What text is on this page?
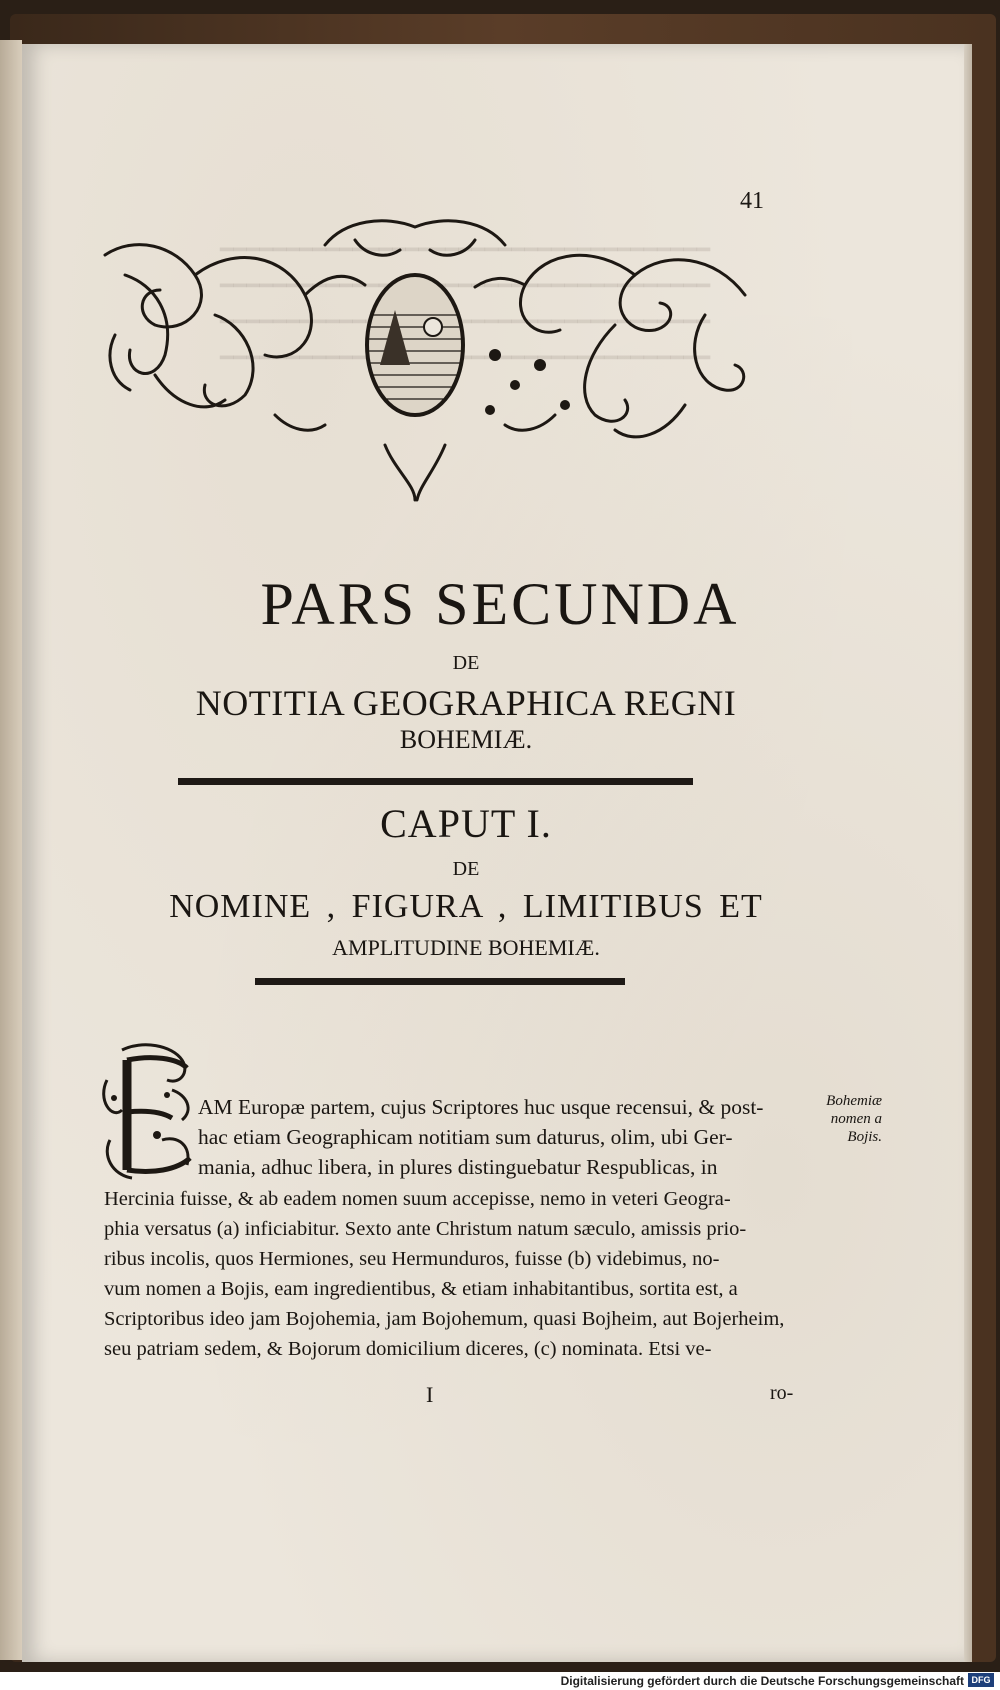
41
PARS SECUNDA
DE
NOTITIA GEOGRAPHICA REGNI
BOHEMIÆ.
CAPUT I.
DE
NOMINE , FIGURA , LIMITIBUS ET
AMPLITUDINE BOHEMIÆ.
AM Europæ partem, cujus Scriptores huc usque recensui, & post-
hac etiam Geographicam notitiam sum daturus, olim, ubi Ger-
mania, adhuc libera, in plures distinguebatur Respublicas, in
Hercinia fuisse, & ab eadem nomen suum accepisse, nemo in veteri Geogra-
phia versatus (a) inficiabitur. Sexto ante Christum natum sæculo, amissis prio-
ribus incolis, quos Hermiones, seu Hermunduros, fuisse (b) videbimus, no-
vum nomen a Bojis, eam ingredientibus, & etiam inhabitantibus, sortita est, a
Scriptoribus ideo jam Bojohemia, jam Bojohemum, quasi Bojheim, aut Bojerheim,
seu patriam sedem, & Bojorum domicilium diceres, (c) nominata. Etsi ve-
Bohemiæ
nomen a
Bojis.
I	ro-
Digitalisierung gefördert durch die Deutsche Forschungsgemeinschaft DFG
